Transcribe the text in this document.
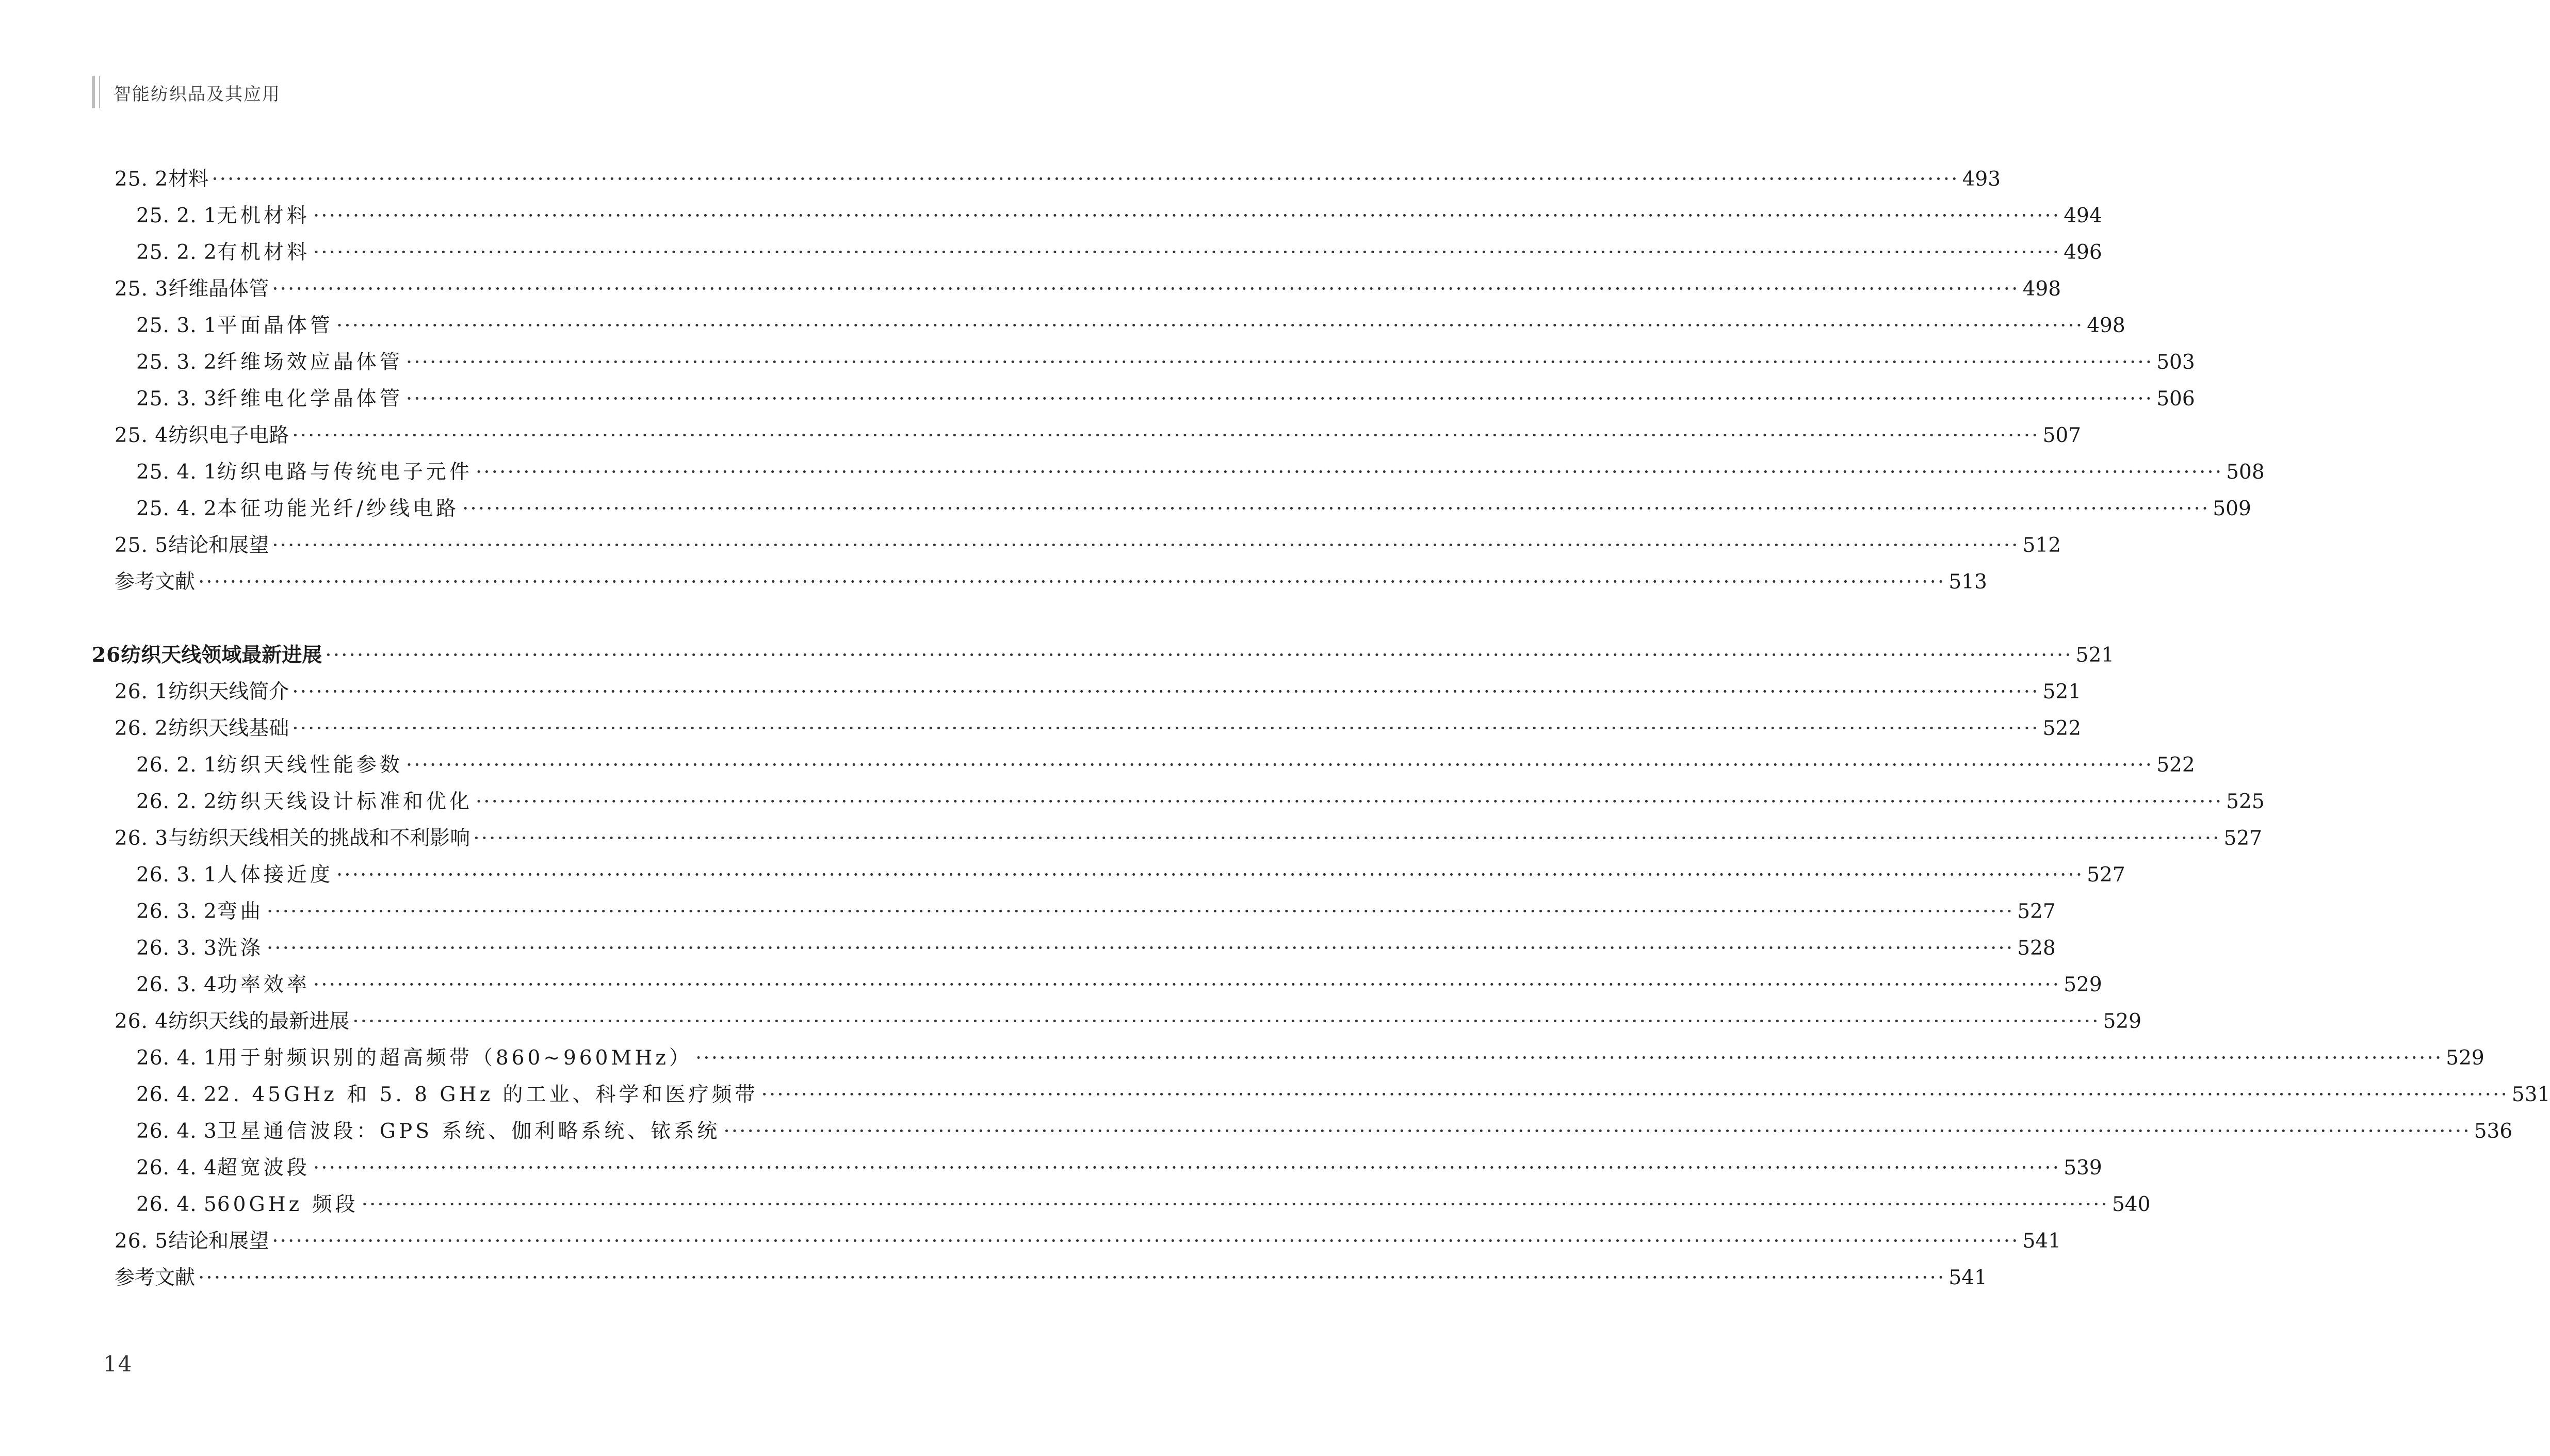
智能纺织品及其应用
25. 2 材料 ···························································································································································································································· 493
25. 2. 1 无机材料 ···························································································································································································································· 494
25. 2. 2 有机材料 ···························································································································································································································· 496
25. 3 纤维晶体管 ···························································································································································································································· 498
25. 3. 1 平面晶体管 ···························································································································································································································· 498
25. 3. 2 纤维场效应晶体管 ···························································································································································································································· 503
25. 3. 3 纤维电化学晶体管 ···························································································································································································································· 506
25. 4 纺织电子电路 ···························································································································································································································· 507
25. 4. 1 纺织电路与传统电子元件 ···························································································································································································································· 508
25. 4. 2 本征功能光纤/纱线电路 ···························································································································································································································· 509
25. 5 结论和展望 ···························································································································································································································· 512
参考文献 ···························································································································································································································· 513
26 纺织天线领域最新进展 ···························································································································································································································· 521
26. 1 纺织天线简介 ···························································································································································································································· 521
26. 2 纺织天线基础 ···························································································································································································································· 522
26. 2. 1 纺织天线性能参数 ···························································································································································································································· 522
26. 2. 2 纺织天线设计标准和优化 ···························································································································································································································· 525
26. 3 与纺织天线相关的挑战和不利影响 ···························································································································································································································· 527
26. 3. 1 人体接近度 ···························································································································································································································· 527
26. 3. 2 弯曲 ···························································································································································································································· 527
26. 3. 3 洗涤 ···························································································································································································································· 528
26. 3. 4 功率效率 ···························································································································································································································· 529
26. 4 纺织天线的最新进展 ···························································································································································································································· 529
26. 4. 1 用于射频识别的超高频带（860~960MHz） ···························································································································································································································· 529
26. 4. 2 2. 45GHz 和 5. 8 GHz 的工业、科学和医疗频带 ···························································································································································································································· 531
26. 4. 3 卫星通信波段：GPS 系统、伽利略系统、铱系统 ···························································································································································································································· 536
26. 4. 4 超宽波段 ···························································································································································································································· 539
26. 4. 5 60GHz 频段 ···························································································································································································································· 540
26. 5 结论和展望 ···························································································································································································································· 541
参考文献 ···························································································································································································································· 541
14
